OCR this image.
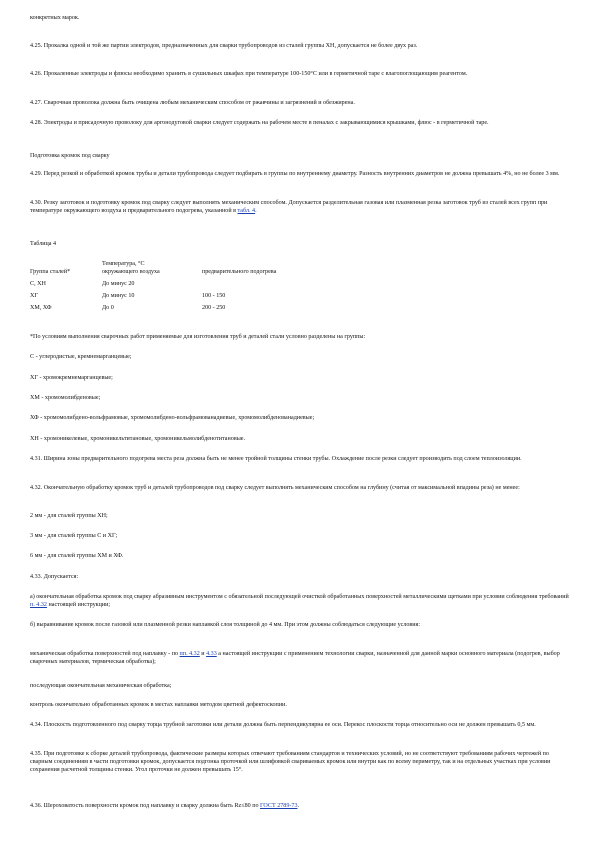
конкретных марок.

4.25. Прокалка одной и той же партии электродов, предназначенных для сварки трубопроводов из сталей группы ХН, допускается не более двух раз.

4.26. Прокаленные электроды и флюсы необходимо хранить в сушильных шкафах при температуре 100-150°С или в герметичной таре с влагопоглощающим реагентом.

4.27. Сварочная проволока должна быть очищена любым механическим способом от ржавчины и загрязнений и обезжирена.

4.28. Электроды и присадочную проволоку для аргонодуговой сварки следует содержать на рабочем месте в пеналах с закрывающимися крышками, флюс - в герметичной таре.

Подготовка кромок под сварку

4.29. Перед резкой и обработкой кромок трубы и детали трубопровода следует подбирать в группы по внутреннему диаметру. Разность внутренних диаметров не должна превышать 4%, но не более 3 мм.

4.30. Резку заготовок и подготовку кромок под сварку следует выполнять механическим способом. Допускается разделительная газовая или плазменная резка заготовок труб из сталей всех групп при температуре окружающего воздуха и предварительного подогрева, указанной в табл. 4.

Таблица 4

Группа сталей*	Температура, °С
окружающего воздуха	предварительного подогрева
С, ХН	До минус 20	
ХГ	До минус 10	100 - 150
ХМ, ХФ	До 0	200 - 250

*По условиям выполнения сварочных работ применяемые для изготовления труб и деталей стали условно разделены на группы:

С - углеродистые, кремнемарганцевые;

ХГ - хромокремнемарганцевые;

ХМ - хромомолибденовые;

ХФ - хромомолибдено-вольфрамовые, хромомолибдено-вольфрамованадиевые, хромомолибденованадиевые;

ХН - хромоникелевые, хромоникельтитановые, хромоникельмолибденотитановые.

4.31. Ширина зоны предварительного подогрева места реза должна быть не менее тройной толщины стенки трубы. Охлаждение после резки следует производить под слоем теплоизоляции.

4.32. Окончательную обработку кромок труб и деталей трубопроводов под сварку следует выполнять механическим способом на глубину (считая от максимальной впадины реза) не менее:

2 мм - для сталей группы ХН;

3 мм - для сталей группы С и ХГ;

6 мм - для сталей группы ХМ и ХФ.

4.33. Допускается:

а) окончательная обработка кромок под сварку абразивным инструментом с обязательной последующей очисткой обработанных поверхностей металлическими щетками при условии соблюдения требований п. 4.32 настоящей инструкции;

б) выравнивание кромок после газовой или плазменной резки наплавкой слоя толщиной до 4 мм. При этом должны соблюдаться следующие условия:

механическая обработка поверхностей под наплавку - по пп. 4.32 и 4.33 а настоящей инструкции с применением технологии сварки, назначенной для данной марки основного материала (подогрев, выбор сварочных материалов, термическая обработка);

последующая окончательная механическая обработка;

контроль окончательно обработанных кромок в местах наплавки методом цветной дефектоскопии.

4.34. Плоскость подготовленного под сварку торца трубной заготовки или детали должна быть перпендикулярна ее оси. Перекос плоскости торца относительно оси не должен превышать 0,5 мм.

4.35. При подготовке к сборке деталей трубопровода, фактические размеры которых отвечают требованиям стандартов и технических условий, но не соответствуют требованиям рабочих чертежей по сварным соединениям в части подготовки кромок, допускается подгонка проточкой или шлифовкой свариваемых кромок или внутри как по всему периметру, так и на отдельных участках при условии сохранения расчетной толщины стенки. Угол проточки не должен превышать 15°.

4.36. Шероховатость поверхности кромок под наплавку и сварку должна быть Rz≤80 по ГОСТ 2789-73.
